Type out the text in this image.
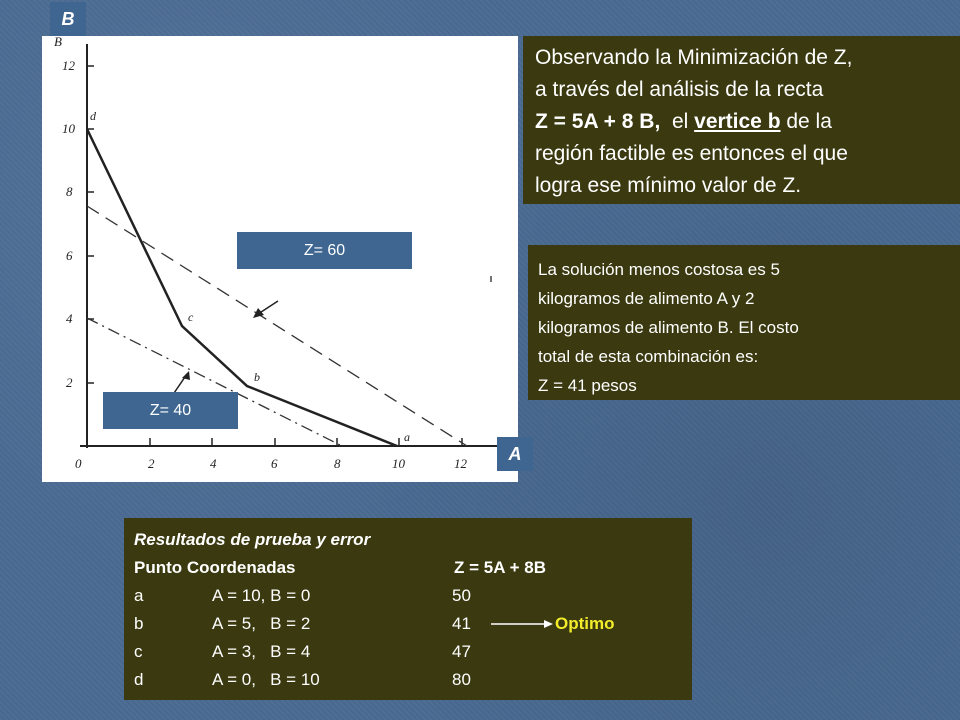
12
10
8
6
4
2
B
0	2	4	6	8	10	12
d
c
b
a
B
A
Z= 60
Z= 40
Observando la Minimización de Z,
a través del análisis de la recta
Z = 5A + 8 B,  el vertice b de la
región factible es entonces el que
logra ese mínimo valor de Z.
La solución menos costosa es 5
kilogramos de alimento A y 2
kilogramos de alimento B. El costo
total de esta combinación es:
Z = 41 pesos
Resultados de prueba y error
Punto Coordenadas	Z = 5A + 8B
a	A = 10, B = 0	50
b	A = 5,   B = 2	41	Optimo
c	A = 3,   B = 4	47
d	A = 0,   B = 10	80
